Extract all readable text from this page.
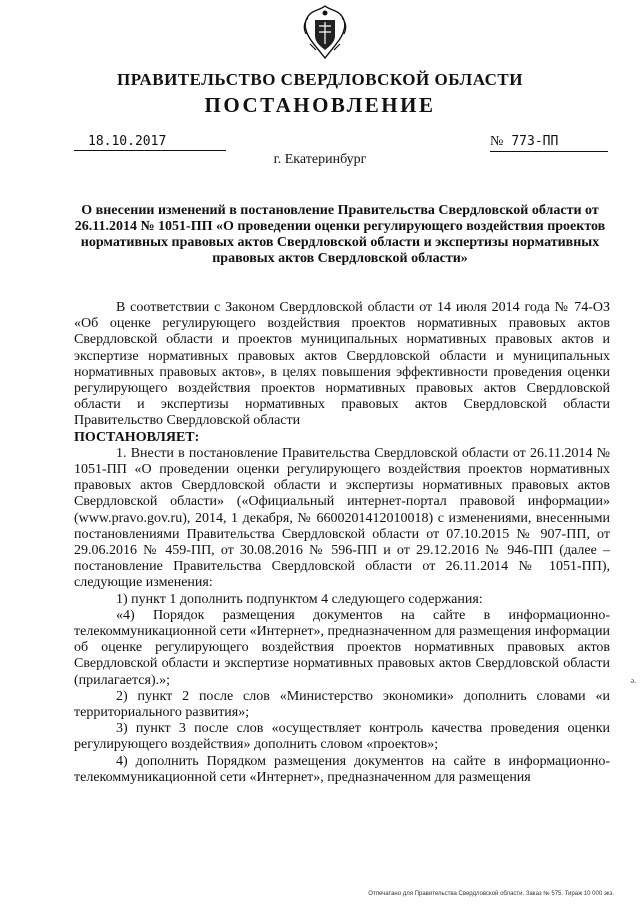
ПРАВИТЕЛЬСТВО СВЕРДЛОВСКОЙ ОБЛАСТИ
ПОСТАНОВЛЕНИЕ
18.10.2017	№ 773-ПП
г. Екатеринбург

О внесении изменений в постановление Правительства Свердловской области от 26.11.2014 № 1051-ПП «О проведении оценки регулирующего воздействия проектов нормативных правовых актов Свердловской области и экспертизы нормативных правовых актов Свердловской области»

В соответствии с Законом Свердловской области от 14 июля 2014 года № 74-ОЗ «Об оценке регулирующего воздействия проектов нормативных правовых актов Свердловской области и проектов муниципальных нормативных правовых актов и экспертизе нормативных правовых актов Свердловской области и муниципальных нормативных правовых актов», в целях повышения эффективности проведения оценки регулирующего воздействия проектов нормативных правовых актов Свердловской области и экспертизы нормативных правовых актов Свердловской области Правительство Свердловской области

ПОСТАНОВЛЯЕТ:

1. Внести в постановление Правительства Свердловской области от 26.11.2014 № 1051-ПП «О проведении оценки регулирующего воздействия проектов нормативных правовых актов Свердловской области и экспертизы нормативных правовых актов Свердловской области» («Официальный интернет-портал правовой информации» (www.pravo.gov.ru), 2014, 1 декабря, № 6600201412010018) с изменениями, внесенными постановлениями Правительства Свердловской области от 07.10.2015 № 907-ПП, от 29.06.2016 № 459-ПП, от 30.08.2016 № 596-ПП и от 29.12.2016 № 946-ПП (далее – постановление Правительства Свердловской области от 26.11.2014 № 1051-ПП), следующие изменения:

1) пункт 1 дополнить подпунктом 4 следующего содержания:

«4) Порядок размещения документов на сайте в информационно-телекоммуникационной сети «Интернет», предназначенном для размещения информации об оценке регулирующего воздействия проектов нормативных правовых актов Свердловской области и экспертизе нормативных правовых актов Свердловской области (прилагается).»;

2) пункт 2 после слов «Министерство экономики» дополнить словами «и территориального развития»;

3) пункт 3 после слов «осуществляет контроль качества проведения оценки регулирующего воздействия» дополнить словом «проектов»;

4) дополнить Порядком размещения документов на сайте в информационно-телекоммуникационной сети «Интернет», предназначенном для размещения

ə.
Отпечатано для Правительства Свердловской области. Заказ № 575. Тираж 10 000 экз.
